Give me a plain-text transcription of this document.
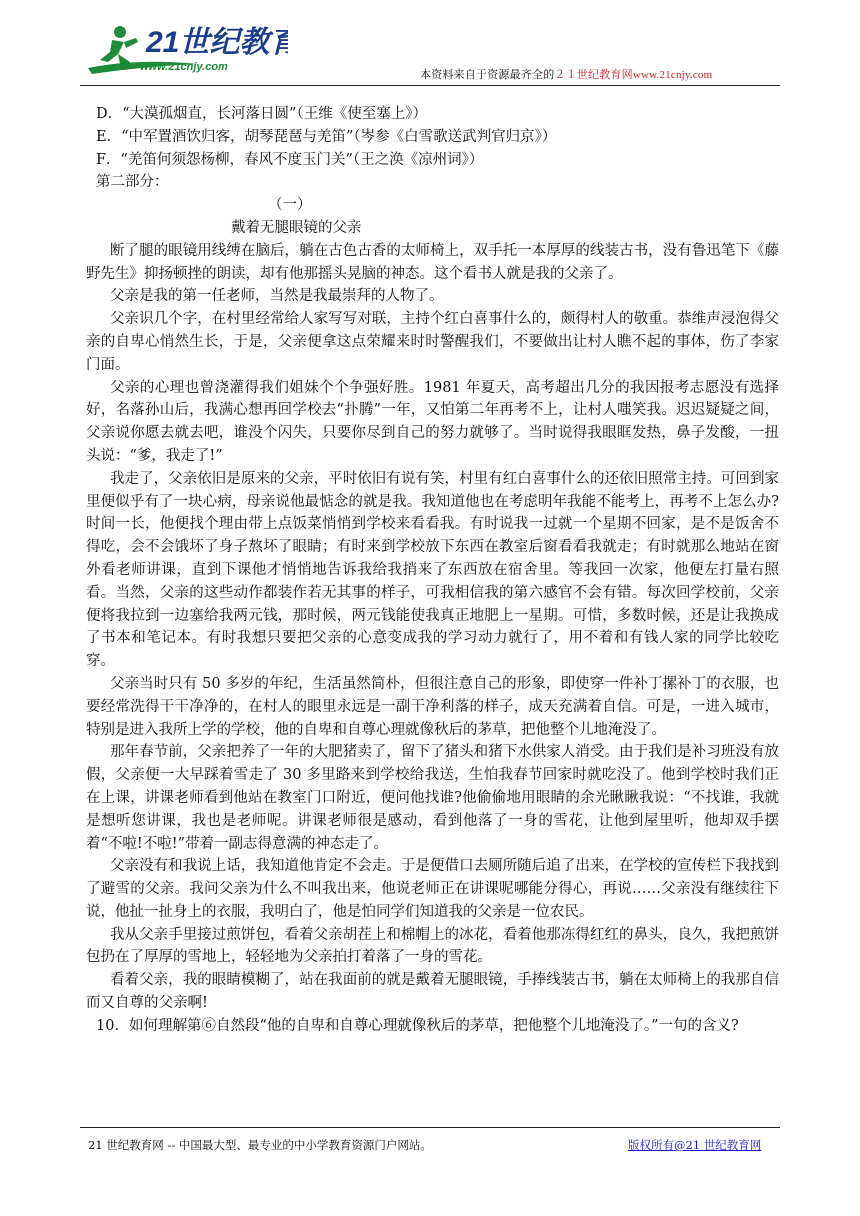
21世纪教育
www.21cnjy.com
本资料来自于资源最齐全的２１世纪教育网www.21cnjy.com

D．“大漠孤烟直，长河落日圆”（王维《使至塞上》）

E．“中军置酒饮归客，胡琴琵琶与羌笛”（岑参《白雪歌送武判官归京》）

F．“羌笛何须怨杨柳，春风不度玉门关”（王之涣《凉州词》）

第二部分：

（一）

戴着无腿眼镜的父亲

断了腿的眼镜用线缚在脑后，躺在古色古香的太师椅上，双手托一本厚厚的线装古书，没有鲁迅笔下《藤野先生》抑扬顿挫的朗读，却有他那摇头晃脑的神态。这个看书人就是我的父亲了。

父亲是我的第一任老师，当然是我最崇拜的人物了。

父亲识几个字，在村里经常给人家写写对联，主持个红白喜事什么的，颇得村人的敬重。恭维声浸泡得父亲的自卑心悄然生长，于是，父亲便拿这点荣耀来时时警醒我们，不要做出让村人瞧不起的事体，伤了李家门面。

父亲的心理也曾浇灌得我们姐妹个个争强好胜。1981 年夏天，高考超出几分的我因报考志愿没有选择好，名落孙山后，我满心想再回学校去“扑腾”一年，又怕第二年再考不上，让村人嗤笑我。迟迟疑疑之间，父亲说你愿去就去吧，谁没个闪失，只要你尽到自己的努力就够了。当时说得我眼眶发热，鼻子发酸，一扭头说：“爹，我走了!”

我走了，父亲依旧是原来的父亲，平时依旧有说有笑，村里有红白喜事什么的还依旧照常主持。可回到家里便似乎有了一块心病，母亲说他最惦念的就是我。我知道他也在考虑明年我能不能考上，再考不上怎么办?时间一长，他便找个理由带上点饭菜悄悄到学校来看看我。有时说我一过就一个星期不回家，是不是饭舍不得吃，会不会饿坏了身子熬坏了眼睛；有时来到学校放下东西在教室后窗看看我就走；有时就那么地站在窗外看老师讲课，直到下课他才悄悄地告诉我给我捎来了东西放在宿舍里。等我回一次家，他便左打量右照看。当然，父亲的这些动作都装作若无其事的样子，可我相信我的第六感官不会有错。每次回学校前，父亲便将我拉到一边塞给我两元钱，那时候，两元钱能使我真正地肥上一星期。可惜，多数时候，还是让我换成了书本和笔记本。有时我想只要把父亲的心意变成我的学习动力就行了，用不着和有钱人家的同学比较吃穿。

父亲当时只有 50 多岁的年纪，生活虽然简朴，但很注意自己的形象，即使穿一件补丁摞补丁的衣服，也要经常洗得干干净净的，在村人的眼里永远是一副干净利落的样子，成天充满着自信。可是，一进入城市，特别是进入我所上学的学校，他的自卑和自尊心理就像秋后的茅草，把他整个儿地淹没了。

那年春节前，父亲把养了一年的大肥猪卖了，留下了猪头和猪下水供家人消受。由于我们是补习班没有放假，父亲便一大早踩着雪走了 30 多里路来到学校给我送，生怕我春节回家时就吃没了。他到学校时我们正在上课，讲课老师看到他站在教室门口附近，便问他找谁?他偷偷地用眼睛的余光瞅瞅我说：“不找谁，我就是想听您讲课，我也是老师呢。讲课老师很是感动，看到他落了一身的雪花，让他到屋里听，他却双手摆着“不啦!不啦!”带着一副志得意满的神态走了。

父亲没有和我说上话，我知道他肯定不会走。于是便借口去厕所随后追了出来，在学校的宣传栏下我找到了避雪的父亲。我问父亲为什么不叫我出来，他说老师正在讲课呢哪能分得心，再说……父亲没有继续往下说，他扯一扯身上的衣服，我明白了，他是怕同学们知道我的父亲是一位农民。

我从父亲手里接过煎饼包，看着父亲胡茬上和棉帽上的冰花，看着他那冻得红红的鼻头，良久，我把煎饼包扔在了厚厚的雪地上，轻轻地为父亲拍打着落了一身的雪花。

看着父亲，我的眼睛模糊了，站在我面前的就是戴着无腿眼镜，手捧线装古书，躺在太师椅上的我那自信而又自尊的父亲啊!

10．如何理解第⑥自然段“他的自卑和自尊心理就像秋后的茅草，把他整个儿地淹没了。”一句的含义?

21 世纪教育网 -- 中国最大型、最专业的中小学教育资源门户网站。	版权所有@21 世纪教育网
